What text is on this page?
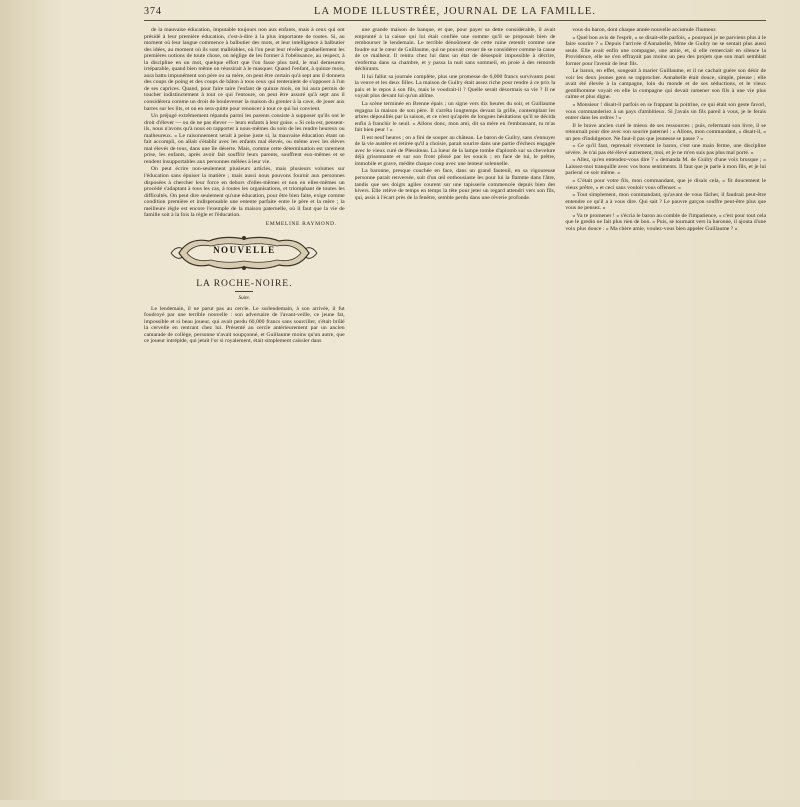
374	LA MODE ILLUSTRÉE, JOURNAL DE LA FAMILLE.

de la mauvaise éducation, imputable toujours non aux enfants, mais à ceux qui ont présidé à leur première éducation, c'est-à-dire à la plus importante de toutes. Si, au moment où leur langue commence à balbutier des mots, et leur intelligence à balbutier des idées, au moment où ils sont malléables, où l'on peut leur révéler graduellement les premières notions de toute chose, on néglige de les former à l'obéissance, au respect, à la discipline en un mot, quelque effort que l'on fasse plus tard, le mal demeurera irréparable, quand bien même on réussirait à le masquer. Quand l'enfant, à quinze mois, aura battu impunément son père ou sa mère, on peut être certain qu'à sept ans il donnera des coups de poing et des coups de bâton à tous ceux qui tenteraient de s'opposer à l'un de ses caprices. Quand, pour faire taire l'enfant de quinze mois, on lui aura permis de toucher indistinctement à tout ce qui l'entoure, on peut être assuré qu'à sept ans il considérera comme un droit de bouleverser la maison du grenier à la cave, de jouer aux barres sur les lits, et on en sera quitte pour renoncer à tout ce qui lui convient.

Un préjugé extrêmement répandu parmi les parents consiste à supposer qu'ils ont le droit d'élever — ou de ne pas élever — leurs enfants à leur guise. « Si cela est, pensent-ils, nous n'avons qu'à nous en rapporter à nous-mêmes du soin de les rendre heureux ou malheureux. » Le raisonnement serait à peine juste si, la mauvaise éducation étant un fait accompli, on allait s'établir avec les enfants mal élevés, ou même avec les élèves mal élevés de tous, dans une île déserte. Mais, comme cette détermination est rarement prise, les enfants, après avoir fait souffrir leurs parents, souffrent eux-mêmes et se rendent insupportables aux personnes mêlées à leur vie.

On peut écrire non-seulement plusieurs articles, mais plusieurs volumes sur l'éducation sans épuiser la matière ; mais aussi nous pouvons fournir aux personnes disposées à chercher leur force en dehors d'elles-mêmes et non en elles-mêmes un procédé s'adaptant à tous les cas, à toutes les organisations, et triomphant de toutes les difficultés. On peut dire seulement qu'une éducation, pour être bien faite, exige comme condition première et indispensable une entente parfaite entre le père et la mère ; la meilleure règle est encore l'exemple de la maison paternelle, où il faut que la vie de famille soit à la fois la règle et l'éducation.

EMMELINE RAYMOND.
NOUVELLE
LA ROCHE-NOIRE.
Suite.

Le lendemain, il ne parut pas au cercle. Le surlendemain, à son arrivée, il fut foudroyé par une terrible nouvelle : son adversaire de l'avant-veille, ce jeune fat, impossible et si beau joueur, qui avait perdu 60,000 francs sans sourciller, s'était brûlé la cervelle en rentrant chez lui. Présenté au cercle antérieurement par un ancien camarade de collège, personne n'avait soupçonné, et Guillaume moins qu'un autre, que ce joueur intrépide, qui jetait l'or si royalement, était simplement caissier dans

une grande maison de banque, et que, pour payer sa dette considérable, il avait emprunté à la caisse qui lui était confiée une somme qu'il se proposait bien de rembourser le lendemain. Le terrible dénoûment de cette ruine retentit comme une foudre sur le cœur de Guillaume, qui ne pouvait cesser de se considérer comme la cause de ce malheur. Il rentra chez lui dans un état de désespoir impossible à décrire, s'enferma dans sa chambre, et y passa la nuit sans sommeil, en proie à des remords déchirants.

Il lui fallut sa journée complète, plus une promesse de 6,000 francs survivants pour la veuve et les deux filles. La maison de Guilry était assez riche pour rendre à ce prix la paix et le repos à son fils, mais le voudrait-il ? Quelle serait désormais sa vie ? Il ne voyait plus devant lui qu'un abîme.

La scène terminée en Brenne épais ; un signe vers dix heures du soir, et Guillaume regagna la maison de son père. Il s'arrêta longtemps devant la grille, contemplant les arbres dépouillés par la saison, et ce n'est qu'après de longues hésitations qu'il se décida enfin à franchir le seuil. « Allons donc, mon ami, dit sa mère en l'embrassant, tu m'as fait bien peur ! »

Il est neuf heures ; on a fini de souper au château. Le baron de Guilry, sans s'ennuyer de la vie austère et retirée qu'il a choisie, parait sourire dans une partie d'échecs engagée avec le vieux curé de Plessiteau. La lueur de la lampe tombe d'aplomb sur sa chevelure déjà grisonnante et sur son front plissé par les soucis ; en face de lui, le prêtre, immobile et grave, médite chaque coup avec une lenteur solennelle.

La baronne, presque couchée en face, dans un grand fauteuil, en sa vigoureuse personne parait renversée, suit d'un œil enthousiaste les pour lui la flamme dans l'âtre, tandis que ses doigts agiles courent sur une tapisserie commencée depuis bien des hivers. Elle relève de temps en temps la tête pour jeter un regard attendri vers son fils, qui, assis à l'écart près de la fenêtre, semble perdu dans une rêverie profonde.

vous du baron, dont chaque année nouvelle accumule l'humeur.

« Quel bon avis de l'esprit, » se disait-elle parfois, « pourquoi je ne parviens plus à le faire sourire ? » Depuis l'arrivée d'Annabelle, Mme de Guilry ne se sentait plus aussi seule. Elle avait enfin une compagne, une amie, et, si elle remerciait en silence la Providence, elle ne s'en effrayait pas moins un peu des projets que son mari semblait former pour l'avenir de leur fils.

Le baron, en effet, songeait à marier Guillaume, et il ne cachait guère son désir de voir les deux jeunes gens se rapprocher. Annabelle était douce, simple, pieuse ; elle avait été élevée à la campagne, loin du monde et de ses séductions, et le vieux gentilhomme voyait en elle la compagne qui devait ramener son fils à une vie plus calme et plus digne.

« Monsieur ! disait-il parfois en se frappant la poitrine, ce qui était son geste favori, vous commanderiez à un pays d'ambitieux. Si j'avais un fils pareil à vous, je le ferais entrer dans les ordres ! »

Il le brave ancien curé le mieux de ses ressources ; puis, refermant son livre, il se retournait pour dire avec son sourire paternel : « Allons, mon commandant, » disait-il, « un peu d'indulgence. Ne faut-il pas que jeunesse se passe ? »

« Ce qu'il faut, reprenait vivement le baron, c'est une main ferme, une discipline sévère. Je n'ai pas été élevé autrement, moi, et je ne m'en suis pas plus mal porté. »

« Allez, qu'en entendez-vous dire ? » demanda M. de Guilry d'une voix brusque ; « Laissez-moi tranquille avec vos bons sentiments. Il faut que je parle à mon fils, et je lui parlerai ce soir même. »

« C'était pour votre fils, mon commandant, que je disais cela, » fit doucement le vieux prêtre, « et ceci sans vouloir vous offenser. »

« Tout simplement, mon commandant, qu'avant de vous fâcher, il faudrait peut-être entendre ce qu'il a à vous dire. Qui sait ? Le pauvre garçon souffre peut-être plus que vous ne pensez. »

« Va te promener ! » s'écria le baron au comble de l'impatience, « c'est pour tout cela que le gredin ne fait plus rien de bon. » Puis, se tournant vers la baronne, il ajouta d'une voix plus douce : « Ma chère amie, voulez-vous bien appeler Guillaume ? »
